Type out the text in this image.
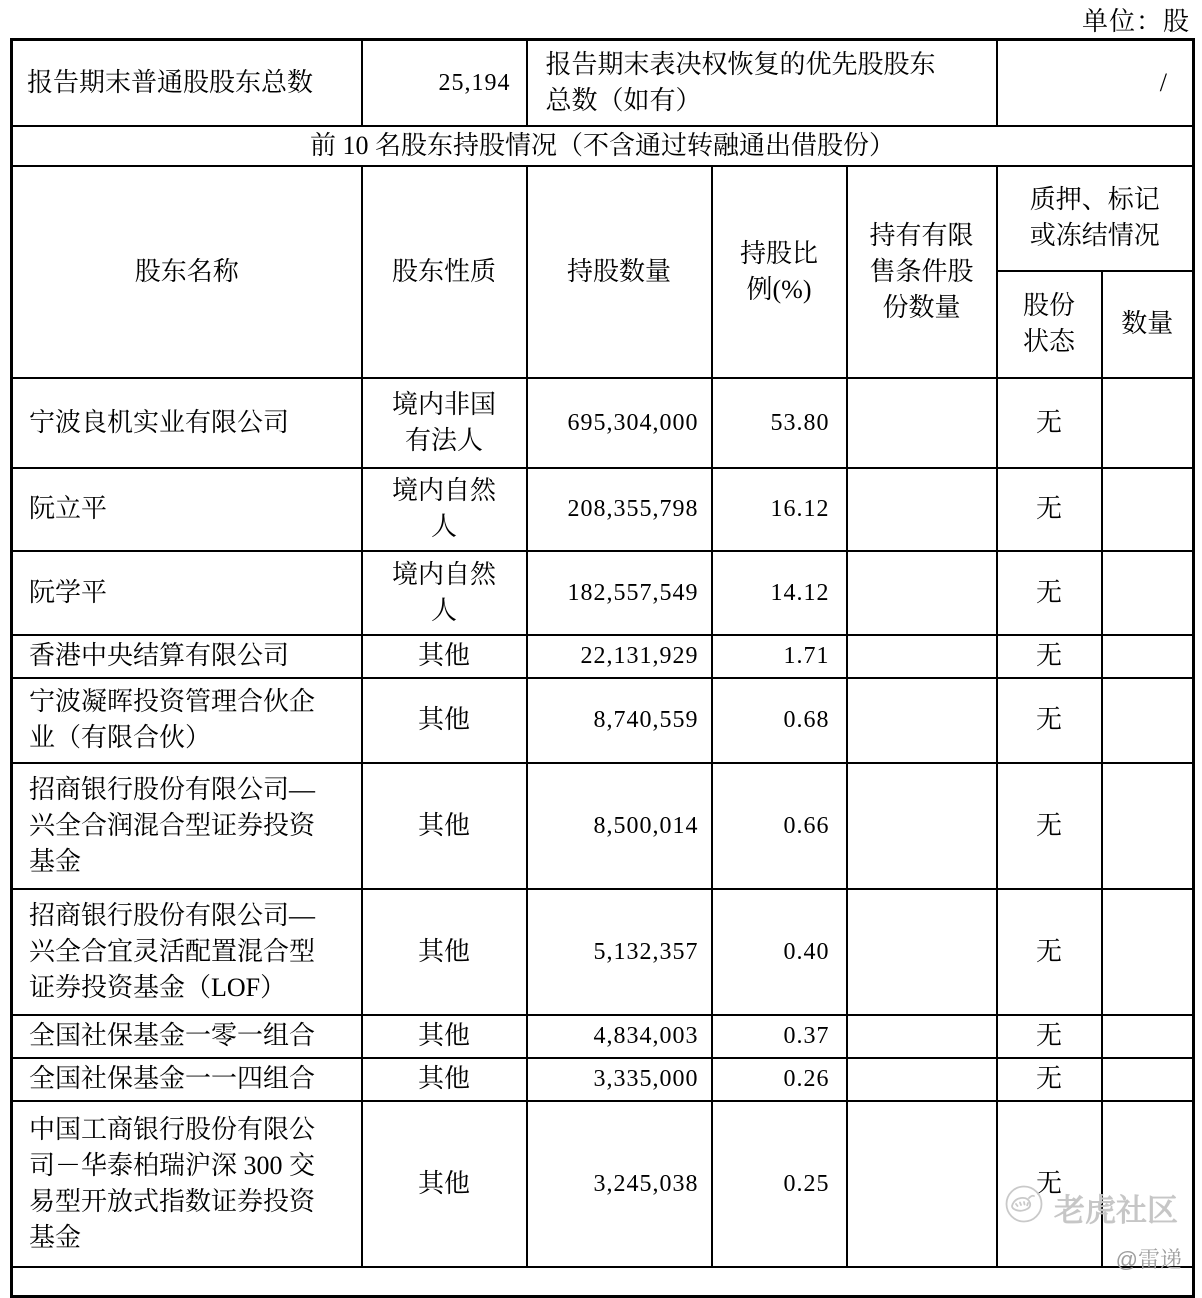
单位：股
报告期末普通股股东总数	25,194	报告期末表决权恢复的优先股股东总数（如有）			/	
前 10 名股东持股情况（不含通过转融通出借股份）						
股东名称	股东性质	持股数量	持股比例(%)	持有有限售条件股份数量	质押、标记或冻结情况	
					股份状态	数量
宁波良机实业有限公司	境内非国有法人	695,304,000	53.80		无	
阮立平	境内自然人	208,355,798	16.12		无	
阮学平	境内自然人	182,557,549	14.12		无	
香港中央结算有限公司	其他	22,131,929	1.71		无	
宁波凝晖投资管理合伙企业（有限合伙）	其他	8,740,559	0.68		无	
招商银行股份有限公司—兴全合润混合型证券投资基金	其他	8,500,014	0.66		无	
招商银行股份有限公司—兴全合宜灵活配置混合型证券投资基金（LOF）	其他	5,132,357	0.40		无	
全国社保基金一零一组合	其他	4,834,003	0.37		无	
全国社保基金一一四组合	其他	3,335,000	0.26		无	
中国工商银行股份有限公司－华泰柏瑞沪深 300 交易型开放式指数证券投资基金	其他	3,245,038	0.25		无	

老虎社区
@雷递
